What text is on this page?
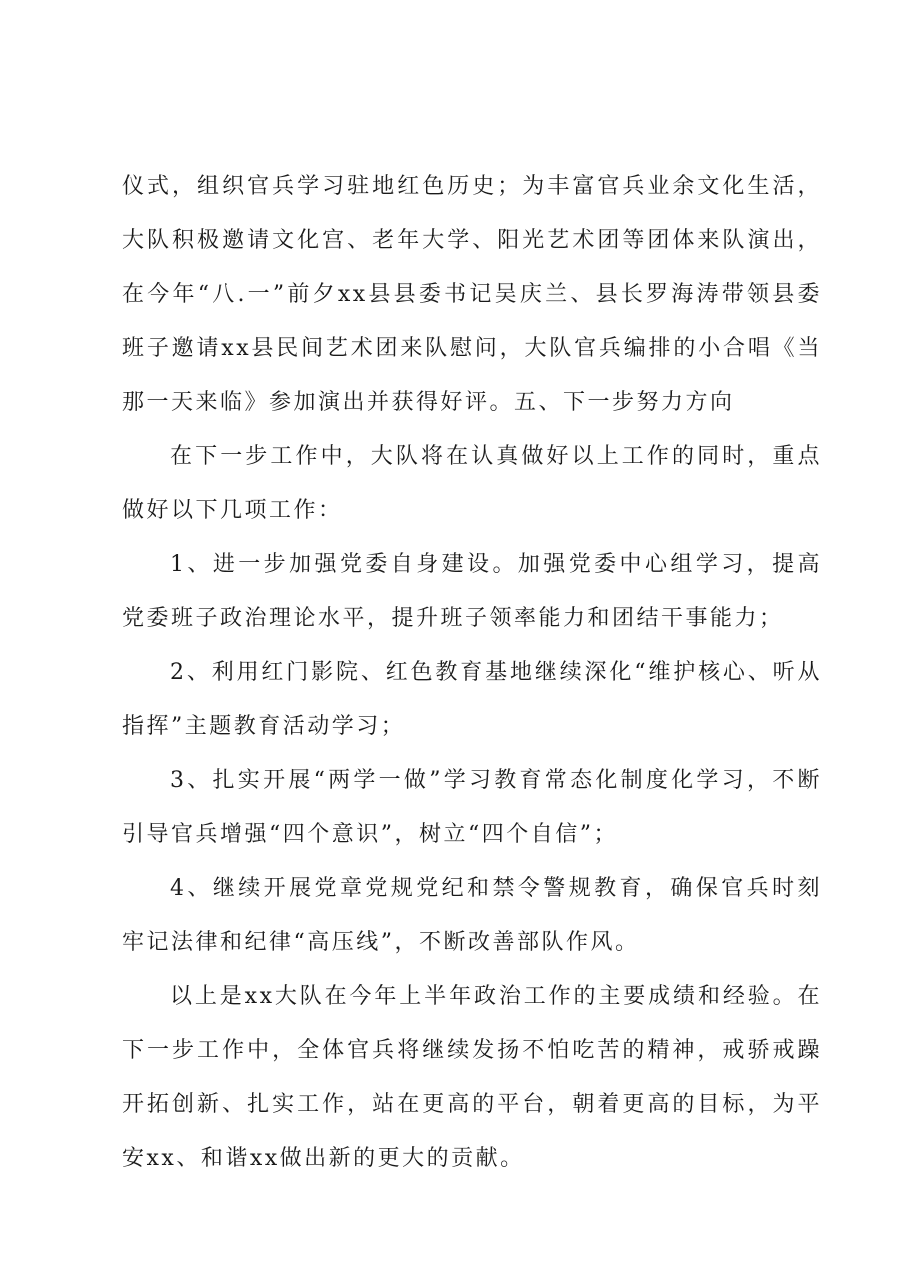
仪式，组织官兵学习驻地红色历史；为丰富官兵业余文化生活，大队积极邀请文化宫、老年大学、阳光艺术团等团体来队演出，在今年“八.一”前夕xx县县委书记吴庆兰、县长罗海涛带领县委班子邀请xx县民间艺术团来队慰问，大队官兵编排的小合唱《当那一天来临》参加演出并获得好评。五、下一步努力方向

在下一步工作中，大队将在认真做好以上工作的同时，重点做好以下几项工作：

1、进一步加强党委自身建设。加强党委中心组学习，提高党委班子政治理论水平，提升班子领率能力和团结干事能力；

2、利用红门影院、红色教育基地继续深化“维护核心、听从指挥”主题教育活动学习；

3、扎实开展“两学一做”学习教育常态化制度化学习，不断引导官兵增强“四个意识”，树立“四个自信”；

4、继续开展党章党规党纪和禁令警规教育，确保官兵时刻牢记法律和纪律“高压线”，不断改善部队作风。

以上是xx大队在今年上半年政治工作的主要成绩和经验。在下一步工作中，全体官兵将继续发扬不怕吃苦的精神，戒骄戒躁开拓创新、扎实工作，站在更高的平台，朝着更高的目标，为平安xx、和谐xx做出新的更大的贡献。
